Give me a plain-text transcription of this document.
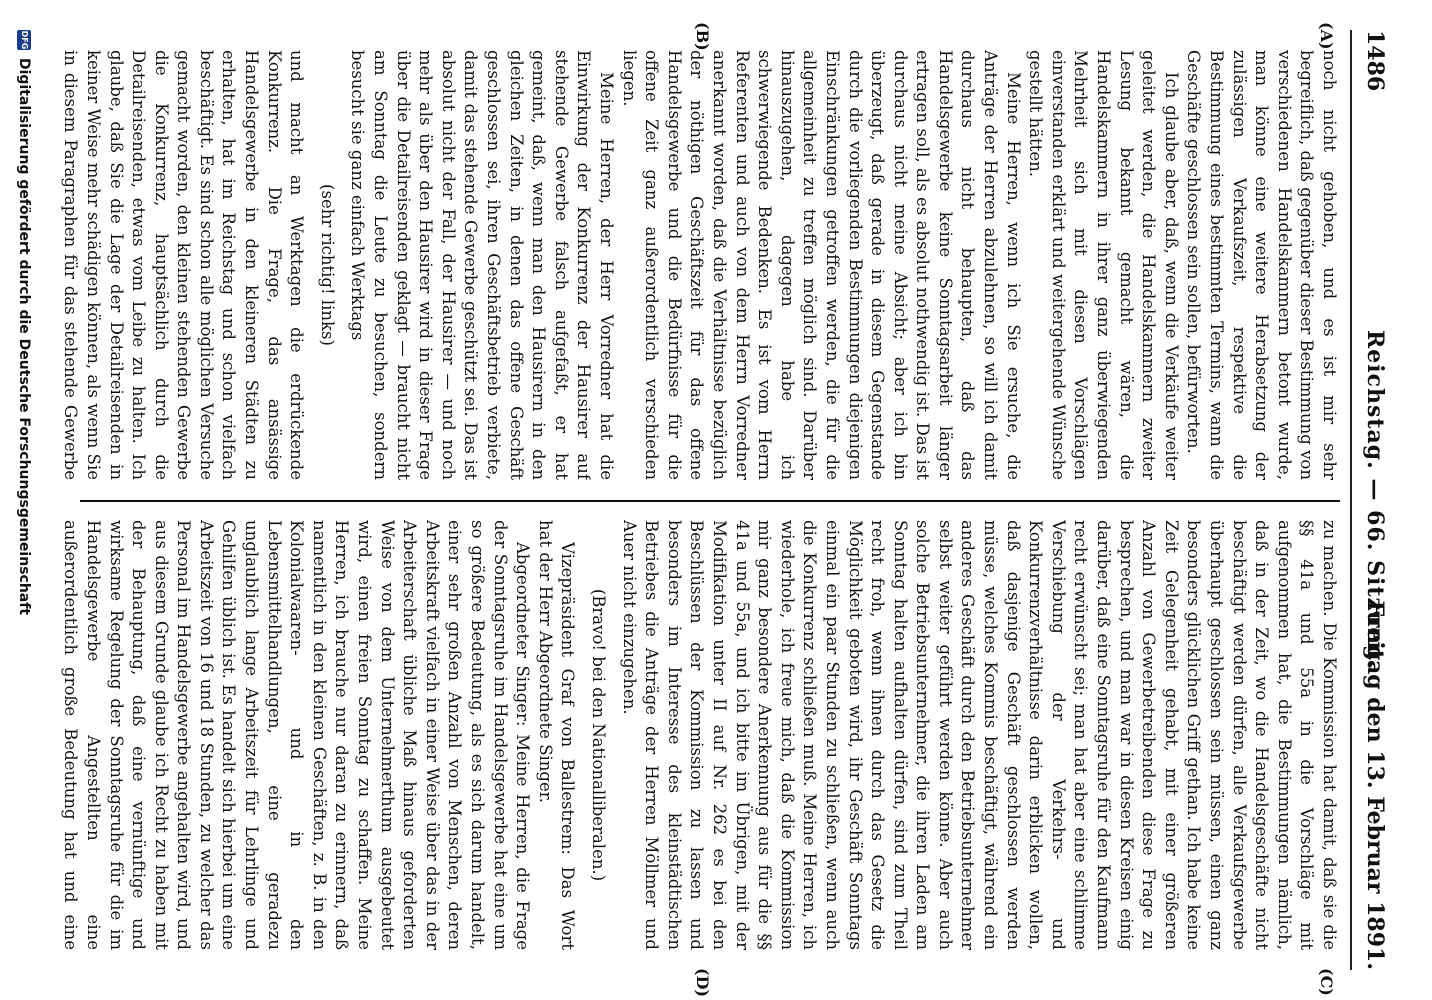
1486
Reichstag. — 66. Sitzung.
Freitag den 13. Februar 1891.
(A)
(B)
(C)
(D)

noch nicht gehoben, und es ist mir sehr begreiflich, daß gegenüber dieser Bestimmung von verschiedenen Handelskammern betont wurde, man könne eine weitere Herabsetzung der zulässigen Verkaufszeit, respektive die Bestimmung eines bestimmten Termins, wann die Geschäfte geschlossen sein sollen, befürworten.

Ich glaube aber, daß, wenn die Verkäufe weiter geleitet werden, die Handelskammern zweiter Lesung bekannt gemacht wären, die Handelskammern in ihrer ganz überwiegenden Mehrheit sich mit diesen Vorschlägen einverstanden erklärt und weitergehende Wünsche gestellt hätten.

Meine Herren, wenn ich Sie ersuche, die Anträge der Herren abzulehnen, so will ich damit durchaus nicht behaupten, daß das Handelsgewerbe keine Sonntagsarbeit länger ertragen soll, als es absolut nothwendig ist. Das ist durchaus nicht meine Absicht; aber ich bin überzeugt, daß gerade in diesem Gegenstande durch die vorliegenden Bestimmungen diejenigen Einschränkungen getroffen werden, die für die allgemeinheit zu treffen möglich sind. Darüber hinauszugehen, dagegen habe ich schwerwiegende Bedenken. Es ist vom Herrn Referenten und auch von dem Herrn Vorredner anerkannt worden, daß die Verhältnisse bezüglich der nöthigen Geschäftszeit für das offene Handelsgewerbe und die Bedürfnisse für die offene Zeit ganz außerordentlich verschieden liegen.

Meine Herren, der Herr Vorredner hat die Einwirkung der Konkurrenz der Hausirer auf stehende Gewerbe falsch aufgefaßt, er hat gemeint, daß, wenn man den Hausirern in den gleichen Zeiten, in denen das offene Geschäft geschlossen sei, ihren Geschäftsbetrieb verbiete, damit das stehende Gewerbe geschützt sei. Das ist absolut nicht der Fall, der Hausirer — und noch mehr als über den Hausirer wird in dieser Frage über die Detailreisenden geklagt — braucht nicht am Sonntag die Leute zu besuchen, sondern besucht sie ganz einfach Werktags

(sehr richtig! links)

und macht an Werktagen die erdrückende Konkurrenz. Die Frage, das ansässige Handelsgewerbe in den kleineren Städten zu erhalten, hat im Reichstag und schon vielfach beschäftigt. Es sind schon alle möglichen Versuche gemacht worden, den kleinen stehenden Gewerbe die Konkurrenz, hauptsächlich durch die Detailreisenden, etwas vom Leibe zu halten. Ich glaube, daß Sie die Lage der Detailreisenden in keiner Weise mehr schädigen können, als wenn Sie in diesem Paragraphen für das stehende Gewerbe

zu machen. Die Kommission hat damit, daß sie die §§ 41a und 55a in die Vorschläge mit aufgenommen hat, die Bestimmungen nämlich, daß in der Zeit, wo die Handelsgeschäfte nicht beschäftigt werden dürfen, alle Verkaufsgewerbe überhaupt geschlossen sein müssen, einen ganz besonders glücklichen Griff gethan. Ich habe keine Zeit Gelegenheit gehabt, mit einer größeren Anzahl von Gewerbetreibenden diese Frage zu besprechen, und man war in diesen Kreisen einig darüber, daß eine Sonntagsruhe für den Kaufmann recht erwünscht sei; man hat aber eine schlimme Verschiebung der Verkehrs- und Konkurrenzverhältnisse darin erblicken wollen, daß dasjenige Geschäft geschlossen werden müsse, welches Kommis beschäftigt, während ein anderes Geschäft durch den Betriebsunternehmer selbst weiter geführt werden könne. Aber auch solche Betriebsunternehmer, die ihren Laden am Sonntag halten aufhalten dürfen, sind zum Theil recht froh, wenn ihnen durch das Gesetz die Möglichkeit geboten wird, ihr Geschäft Sonntags einmal ein paar Stunden zu schließen, wenn auch die Konkurrenz schließen muß. Meine Herren, ich wiederhole, ich freue mich, daß die Kommission mir ganz besondere Anerkennung aus für die §§ 41a und 55a, und ich bitte im Übrigen, mit der Modifikation unter II auf Nr. 262 es bei den Beschlüssen der Kommission zu lassen und besonders im Interesse des kleinstädtischen Betriebes die Anträge der Herren Möllmer und Auer nicht einzugehen.

(Bravo! bei den Nationalliberalen.)

Vizepräsident Graf von Ballestrem: Das Wort hat der Herr Abgeordnete Singer.

Abgeordneter Singer: Meine Herren, die Frage der Sonntagsruhe im Handelsgewerbe hat eine um so größere Bedeutung, als es sich darum handelt, einer sehr großen Anzahl von Menschen, deren Arbeitskraft vielfach in einer Weise über das in der Arbeiterschaft übliche Maß hinaus geforderten Weise von dem Unternehmerthum ausgebeutet wird, einen freien Sonntag zu schaffen. Meine Herren, ich brauche nur daran zu erinnern, daß namentlich in den kleinen Geschäften, z. B. in den Kolonialwaaren- und in den Lebensmittelhandlungen, eine geradezu unglaublich lange Arbeitszeit für Lehrlinge und Gehilfen üblich ist. Es handelt sich hierbei um eine Arbeitszeit von 16 und 18 Stunden, zu welcher das Personal im Handelsgewerbe angehalten wird, und aus diesem Grunde glaube ich Recht zu haben mit der Behauptung, daß eine vernünftige und wirksame Regelung der Sonntagsruhe für die im Handelsgewerbe Angestellten eine außerordentlich große Bedeutung hat und eine

DFG
Digitalisierung gefördert durch die Deutsche Forschungsgemeinschaft
